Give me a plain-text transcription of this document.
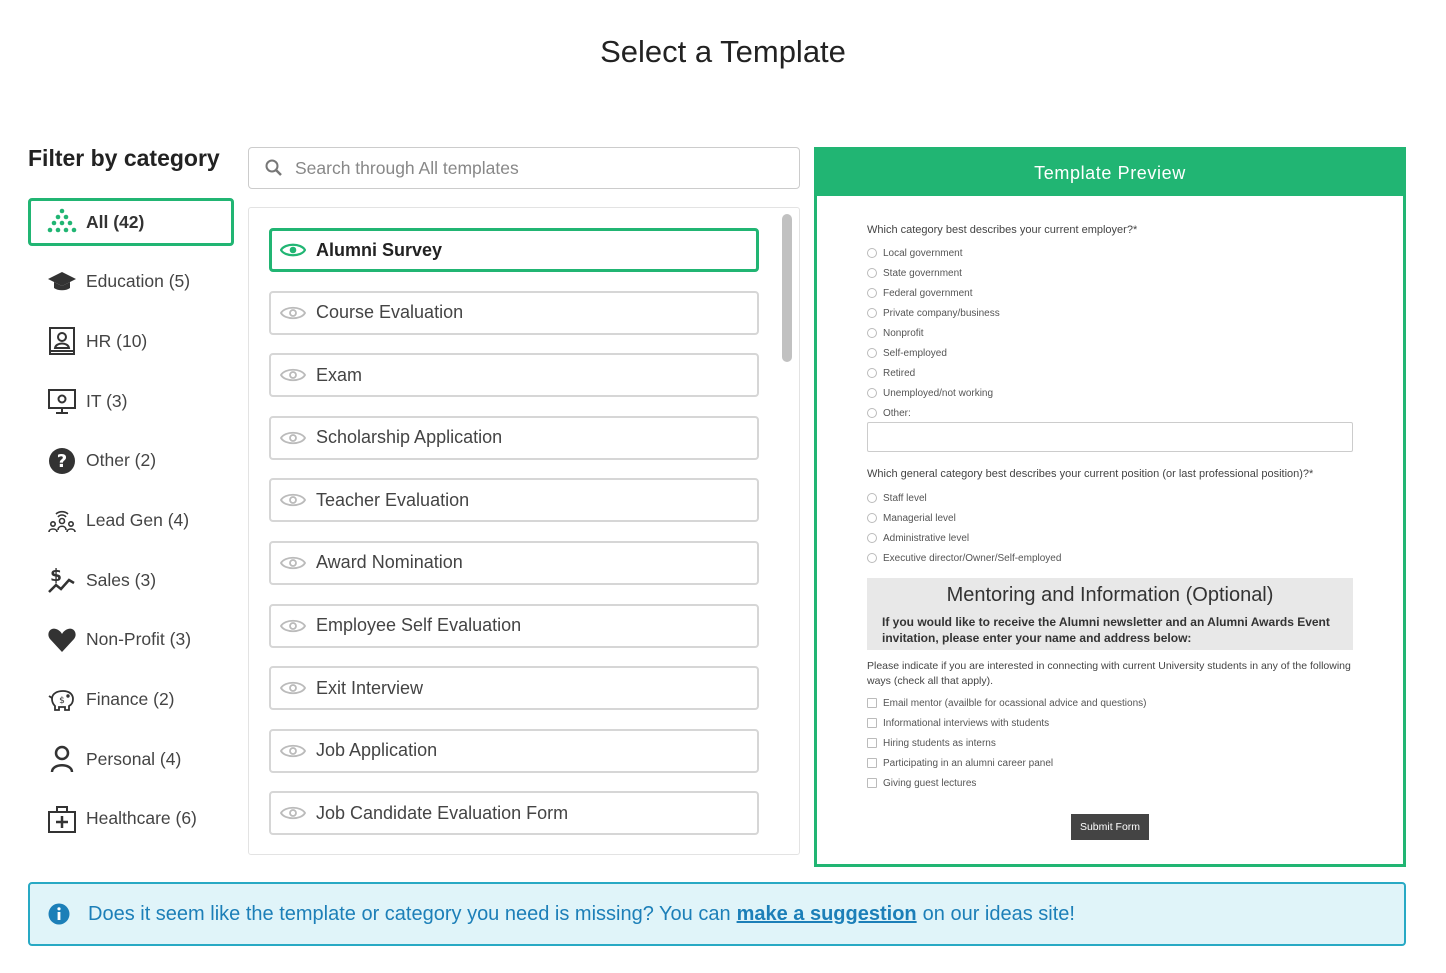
Select a Template
Filter by category
All (42)
Education (5)
HR (10)
IT (3)
? Other (2)
Lead Gen (4)
$ Sales (3)
Non-Profit (3)
$ Finance (2)
Personal (4)
Healthcare (6)
Search through All templates
Alumni Survey
Course Evaluation
Exam
Scholarship Application
Teacher Evaluation
Award Nomination
Employee Self Evaluation
Exit Interview
Job Application
Job Candidate Evaluation Form
Template Preview
Which category best describes your current employer?*
Local government
State government
Federal government
Private company/business
Nonprofit
Self-employed
Retired
Unemployed/not working
Other:
Which general category best describes your current position (or last professional position)?*
Staff level
Managerial level
Administrative level
Executive director/Owner/Self-employed
Mentoring and Information (Optional)
If you would like to receive the Alumni newsletter and an Alumni Awards Event invitation, please enter your name and address below:
Please indicate if you are interested in connecting with current University students in any of the following ways (check all that apply).
Email mentor (availble for ocassional advice and questions)
Informational interviews with students
Hiring students as interns
Participating in an alumni career panel
Giving guest lectures
Submit Form
Does it seem like the template or category you need is missing? You can make a suggestion on our ideas site!
